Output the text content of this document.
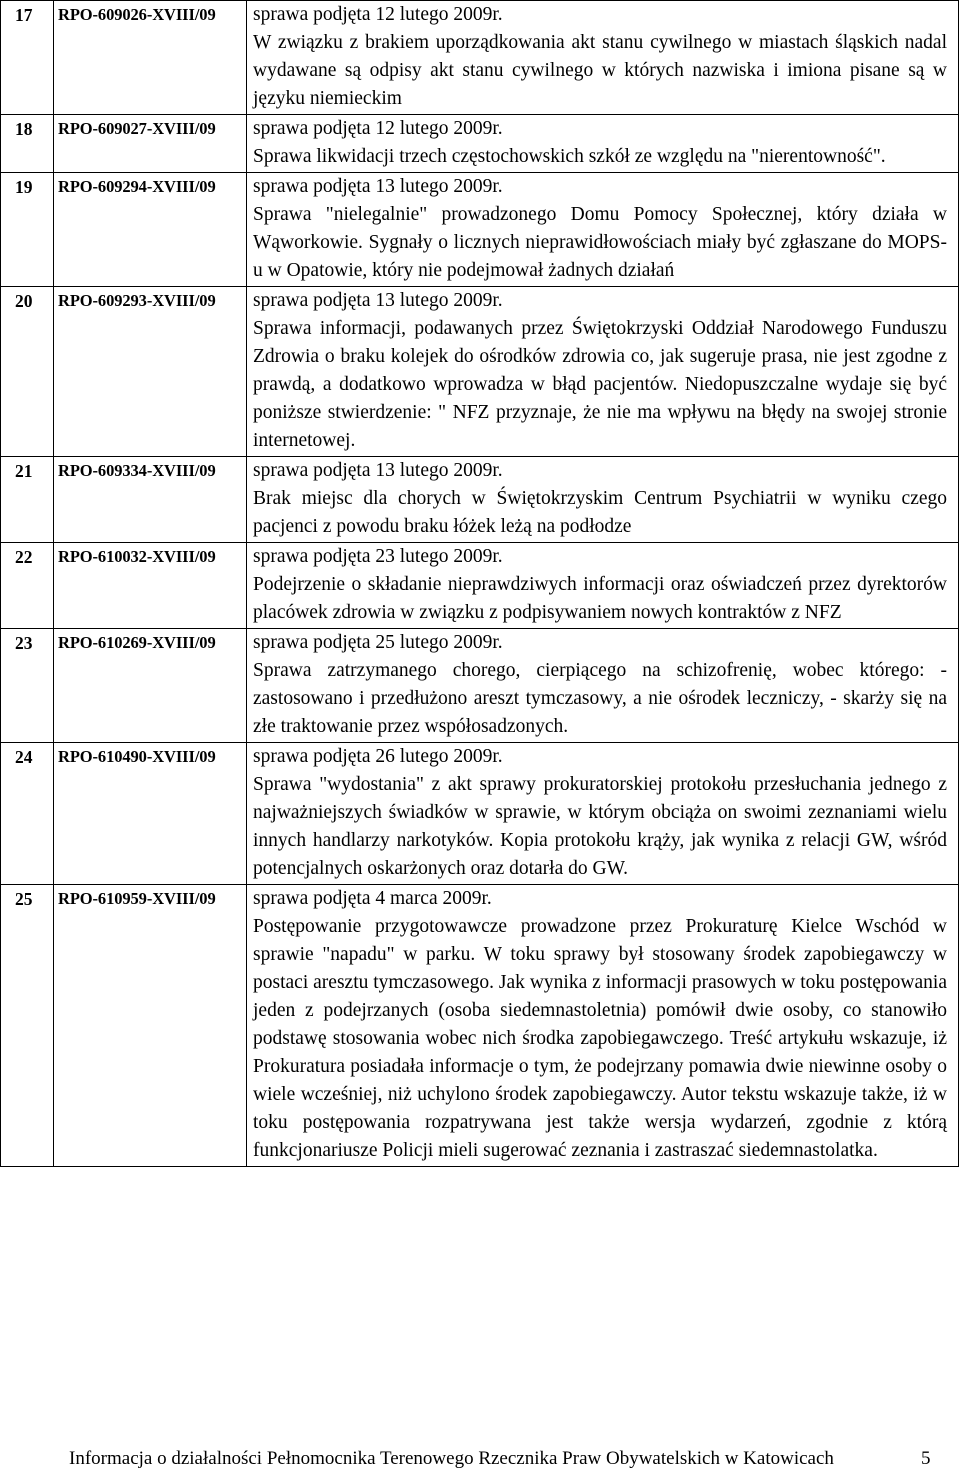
17	RPO-609026-XVIII/09	sprawa podjęta 12 lutego 2009r.
W związku z brakiem uporządkowania akt stanu cywilnego w miastach śląskich nadal wydawane są odpisy akt stanu cywilnego w których nazwiska i imiona pisane są w języku niemieckim

18	RPO-609027-XVIII/09	sprawa podjęta 12 lutego 2009r.
Sprawa likwidacji trzech częstochowskich szkół ze względu na "nierentowność".

19	RPO-609294-XVIII/09	sprawa podjęta 13 lutego 2009r.
Sprawa "nielegalnie" prowadzonego Domu Pomocy Społecznej, który działa w Wąworkowie. Sygnały o licznych nieprawidłowościach miały być zgłaszane do MOPS-u w Opatowie, który nie podejmował żadnych działań

20	RPO-609293-XVIII/09	sprawa podjęta 13 lutego 2009r.
Sprawa informacji, podawanych przez Świętokrzyski Oddział Narodowego Funduszu Zdrowia o braku kolejek do ośrodków zdrowia co, jak sugeruje prasa, nie jest zgodne z prawdą, a dodatkowo wprowadza w błąd pacjentów. Niedopuszczalne wydaje się być poniższe stwierdzenie: " NFZ przyznaje, że nie ma wpływu na błędy na swojej stronie internetowej.

21	RPO-609334-XVIII/09	sprawa podjęta 13 lutego 2009r.
Brak miejsc dla chorych w Świętokrzyskim Centrum Psychiatrii w wyniku czego pacjenci z powodu braku łóżek leżą na podłodze

22	RPO-610032-XVIII/09	sprawa podjęta 23 lutego 2009r.
Podejrzenie o składanie nieprawdziwych informacji oraz oświadczeń przez dyrektorów placówek zdrowia w związku z podpisywaniem nowych kontraktów z NFZ

23	RPO-610269-XVIII/09	sprawa podjęta 25 lutego 2009r.
Sprawa zatrzymanego chorego, cierpiącego na schizofrenię, wobec którego: - zastosowano i przedłużono areszt tymczasowy, a nie ośrodek leczniczy, - skarży się na złe traktowanie przez współosadzonych.

24	RPO-610490-XVIII/09	sprawa podjęta 26 lutego 2009r.
Sprawa "wydostania" z akt sprawy prokuratorskiej protokołu przesłuchania jednego z najważniejszych świadków w sprawie, w którym obciąża on swoimi zeznaniami wielu innych handlarzy narkotyków. Kopia protokołu krąży, jak wynika z relacji GW, wśród potencjalnych oskarżonych oraz dotarła do GW.

25	RPO-610959-XVIII/09	sprawa podjęta 4 marca 2009r.
Postępowanie przygotowawcze prowadzone przez Prokuraturę Kielce Wschód w sprawie "napadu" w parku. W toku sprawy był stosowany środek zapobiegawczy w postaci aresztu tymczasowego. Jak wynika z informacji prasowych w toku postępowania jeden z podejrzanych (osoba siedemnastoletnia) pomówił dwie osoby, co stanowiło podstawę stosowania wobec nich środka zapobiegawczego. Treść artykułu wskazuje, iż Prokuratura posiadała informacje o tym, że podejrzany pomawia dwie niewinne osoby o wiele wcześniej, niż uchylono środek zapobiegawczy. Autor tekstu wskazuje także, iż w toku postępowania rozpatrywana jest także wersja wydarzeń, zgodnie z którą funkcjonariusze Policji mieli sugerować zeznania i zastraszać siedemnastolatka.
Informacja o działalności Pełnomocnika Terenowego Rzecznika Praw Obywatelskich w Katowicach	5
